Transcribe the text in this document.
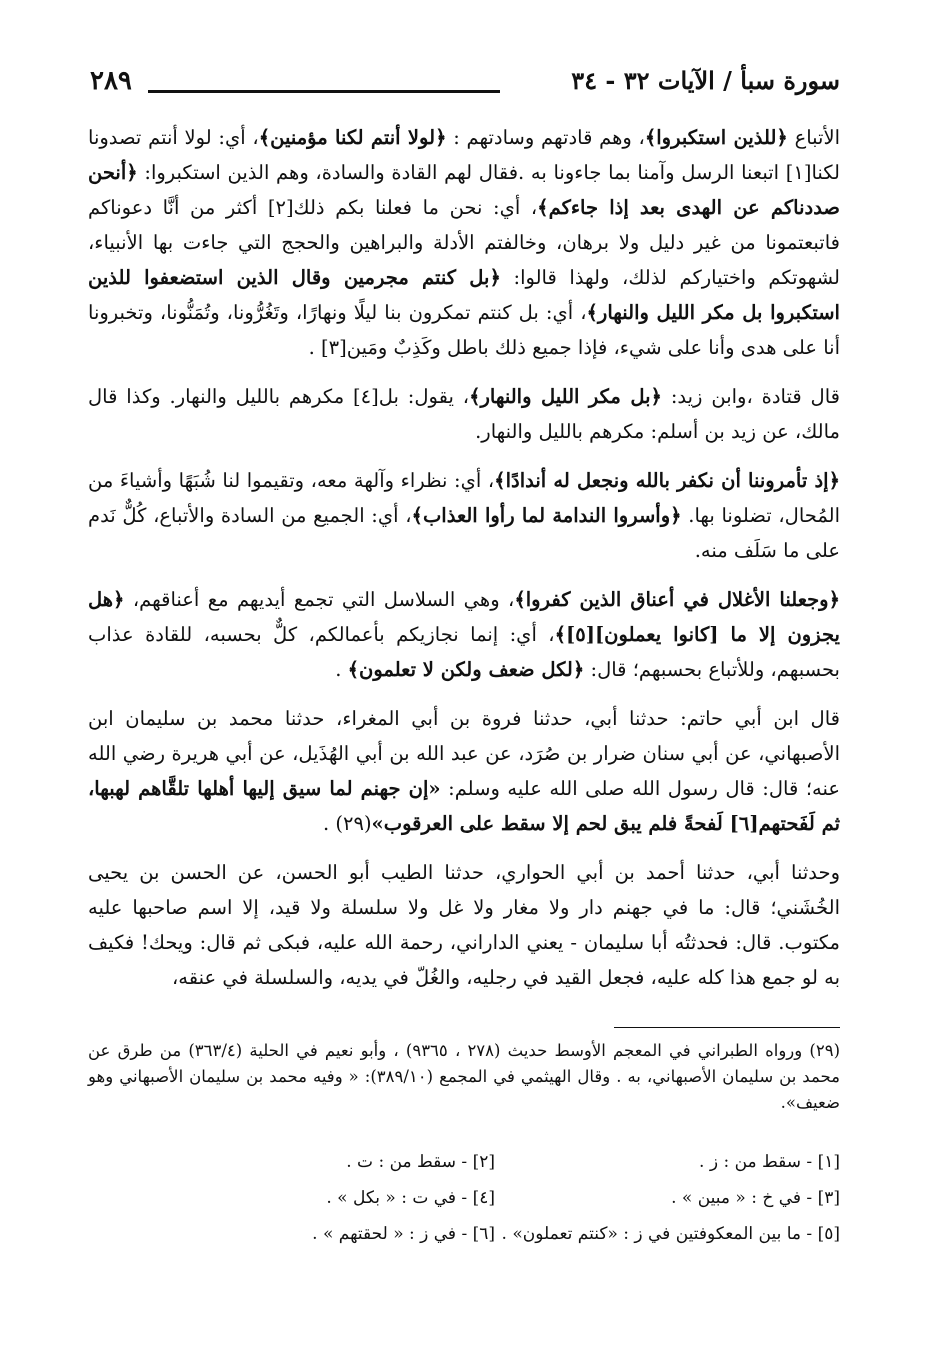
سورة سبأ / الآيات ٣٢ - ٣٤
٢٨٩

الأتباع ﴿للذين استكبروا﴾، وهم قادتهم وسادتهم : ﴿لولا أنتم لكنا مؤمنين﴾، أي: لولا أنتم تصدونا لكنا[١] اتبعنا الرسل وآمنا بما جاءونا به .فقال لهم القادة والسادة، وهم الذين استكبروا: ﴿أنحن صددناكم عن الهدى بعد إذا جاءكم﴾، أي: نحن ما فعلنا بكم ذلك[٢] أكثر من أنَّا دعوناكم فاتبعتمونا من غير دليل ولا برهان، وخالفتم الأدلة والبراهين والحجج التي جاءت بها الأنبياء، لشهوتكم واختياركم لذلك، ولهذا قالوا: ﴿بل كنتم مجرمين وقال الذين استضعفوا للذين استكبروا بل مكر الليل والنهار﴾، أي: بل كنتم تمكرون بنا ليلًا ونهارًا، وتَغُرُّونا، وتُمَنُّونا، وتخبرونا أنا على هدى وأنا على شيء، فإذا جميع ذلك باطل وكَذِبٌ ومَين[٣] .

قال قتادة ،وابن زيد: ﴿بل مكر الليل والنهار﴾، يقول: بل[٤] مكرهم بالليل والنهار. وكذا قال مالك، عن زيد بن أسلم: مكرهم بالليل والنهار.

﴿إذ تأمروننا أن نكفر بالله ونجعل له أندادًا﴾، أي: نظراء وآلهة معه، وتقيموا لنا شُبَهًا وأشياءَ من المُحال، تضلونا بها. ﴿وأسروا الندامة لما رأوا العذاب﴾، أي: الجميع من السادة والأتباع، كُلٌّ نَدم على ما سَلَف منه.

﴿وجعلنا الأغلال في أعناق الذين كفروا﴾، وهي السلاسل التي تجمع أيديهم مع أعناقهم، ﴿هل يجزون إلا ما [كانوا يعملون][٥]﴾، أي: إنما نجازيكم بأعمالكم، كلٌّ بحسبه، للقادة عذاب بحسبهم، وللأتباع بحسبهم؛ قال: ﴿لكل ضعف ولكن لا تعلمون﴾ .

قال ابن أبي حاتم: حدثنا أبي، حدثنا فروة بن أبي المغراء، حدثنا محمد بن سليمان ابن الأصبهاني، عن أبي سنان ضرار بن صُرَد، عن عبد الله بن أبي الهُذَيل، عن أبي هريرة رضي الله عنه؛ قال: قال رسول الله صلى الله عليه وسلم: «إن جهنم لما سيق إليها أهلها تلقَّاهم لهبها، ثم لَفَحتهم[٦] لَفحةً فلم يبق لحم إلا سقط على العرقوب»(٢٩) .

وحدثنا أبي، حدثنا أحمد بن أبي الحواري، حدثنا الطيب أبو الحسن، عن الحسن بن يحيى الخُشَني؛ قال: ما في جهنم دار ولا مغار ولا غل ولا سلسلة ولا قيد، إلا اسم صاحبها عليه مكتوب. قال: فحدثتُه أبا سليمان - يعني الداراني، رحمة الله عليه، فبكى ثم قال: ويحك! فكيف به لو جمع هذا كله عليه، فجعل القيد في رجليه، والغُلّ في يديه، والسلسلة في عنقه،

(٢٩) ورواه الطبراني في المعجم الأوسط حديث (٢٧٨ ، ٩٣٦٥) ، وأبو نعيم في الحلية (٣٦٣/٤) من طرق عن محمد بن سليمان الأصبهاني، به . وقال الهيثمي في المجمع (٣٨٩/١٠): « وفيه محمد بن سليمان الأصبهاني وهو ضعيف».
[١] - سقط من : ز .
[٢] - سقط من : ت .
[٣] - في خ : « مبين » .
[٤] - في ت : « بكل » .
[٥] - ما بين المعكوفتين في ز : «كنتم تعملون» .
[٦] - في ز : « لحقتهم » .
